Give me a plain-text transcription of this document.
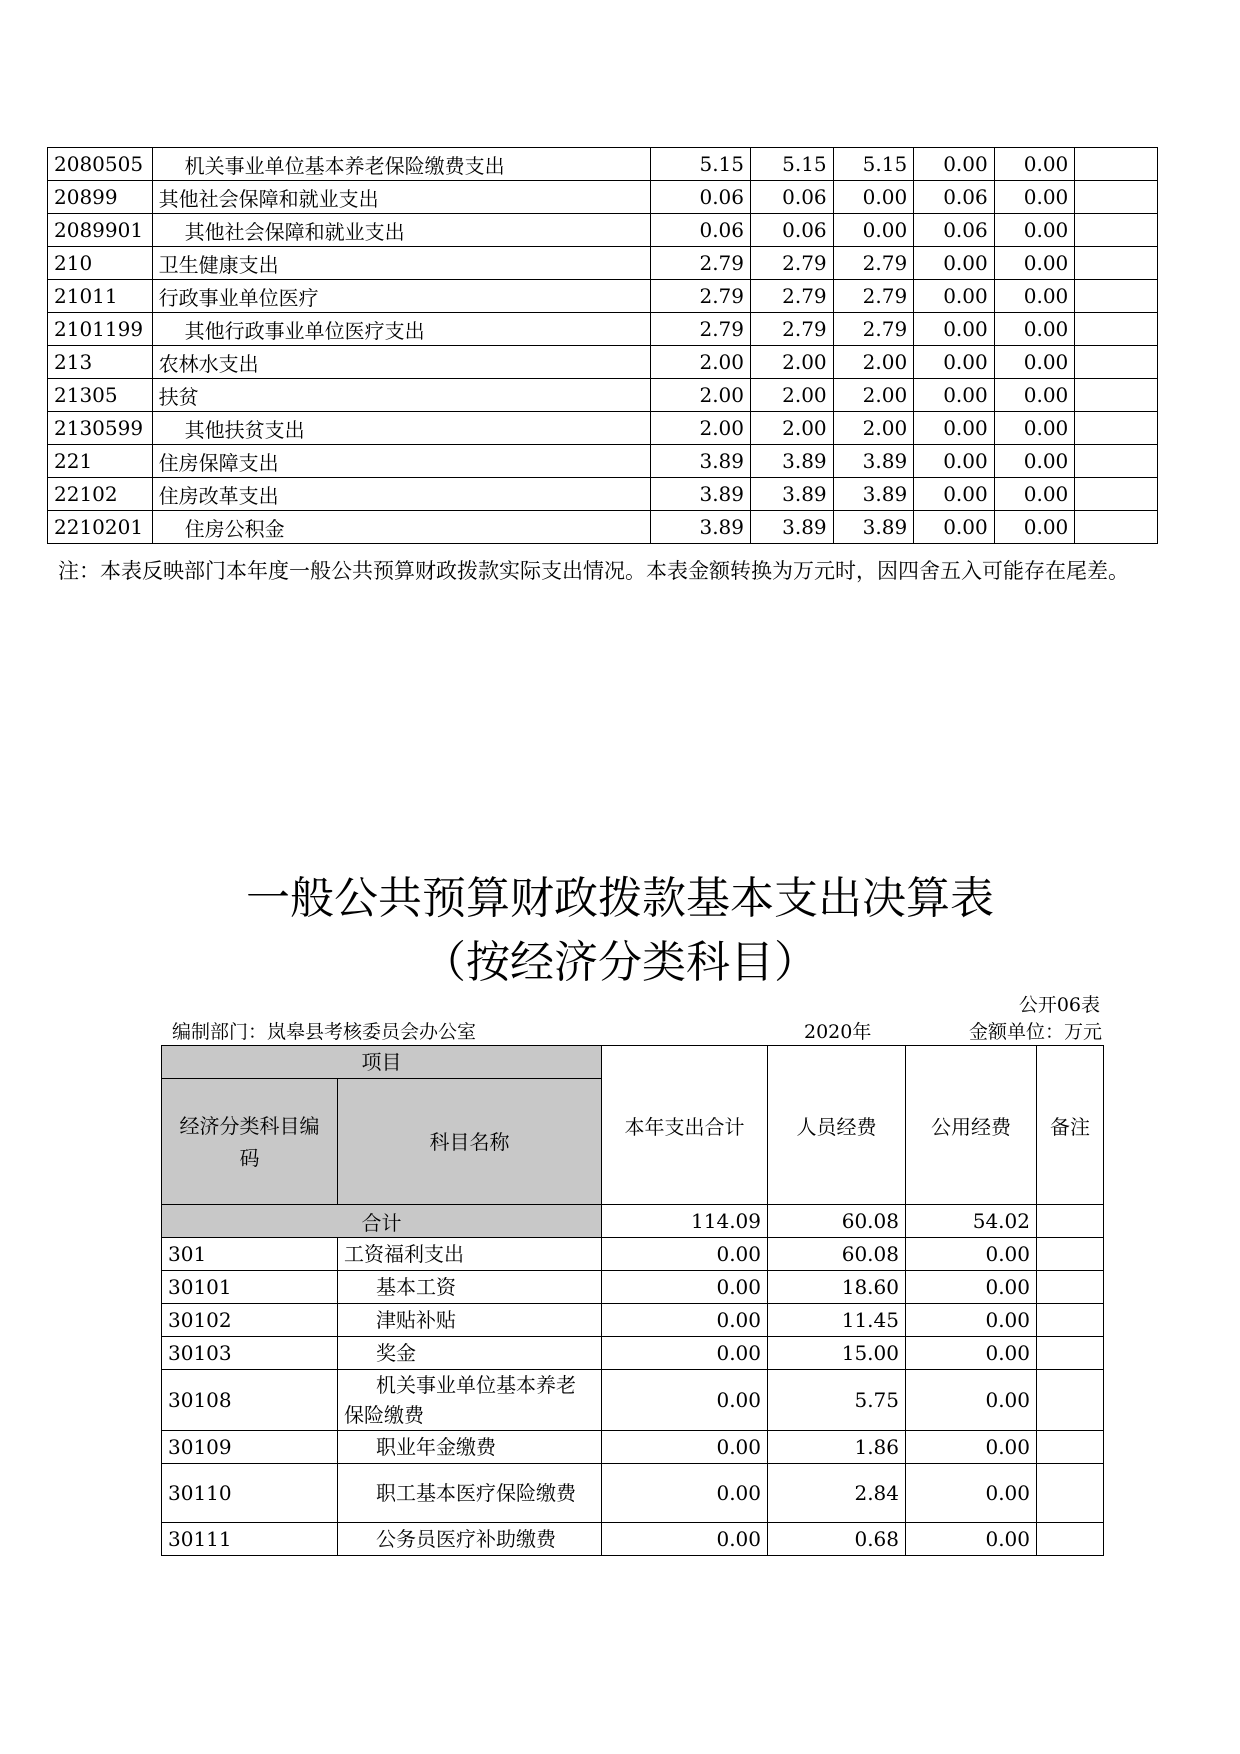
2080505	机关事业单位基本养老保险缴费支出	5.15	5.15	5.15	0.00	0.00	
20899	其他社会保障和就业支出	0.06	0.06	0.00	0.06	0.00	
2089901	其他社会保障和就业支出	0.06	0.06	0.00	0.06	0.00	
210	卫生健康支出	2.79	2.79	2.79	0.00	0.00	
21011	行政事业单位医疗	2.79	2.79	2.79	0.00	0.00	
2101199	其他行政事业单位医疗支出	2.79	2.79	2.79	0.00	0.00	
213	农林水支出	2.00	2.00	2.00	0.00	0.00	
21305	扶贫	2.00	2.00	2.00	0.00	0.00	
2130599	其他扶贫支出	2.00	2.00	2.00	0.00	0.00	
221	住房保障支出	3.89	3.89	3.89	0.00	0.00	
22102	住房改革支出	3.89	3.89	3.89	0.00	0.00	
2210201	住房公积金	3.89	3.89	3.89	0.00	0.00	
注：本表反映部门本年度一般公共预算财政拨款实际支出情况。本表金额转换为万元时，因四舍五入可能存在尾差。
一般公共预算财政拨款基本支出决算表
（按经济分类科目）
公开06表
编制部门：岚皋县考核委员会办公室	2020年	金额单位：万元
项目		本年支出合计	人员经费	公用经费	备注
经济分类科目编码	科目名称				
合计		114.09	60.08	54.02	
301	工资福利支出	0.00	60.08	0.00	
30101	基本工资	0.00	18.60	0.00	
30102	津贴补贴	0.00	11.45	0.00	
30103	奖金	0.00	15.00	0.00	
30108	机关事业单位基本养老保险缴费	0.00	5.75	0.00	
30109	职业年金缴费	0.00	1.86	0.00	
30110	职工基本医疗保险缴费	0.00	2.84	0.00	
30111	公务员医疗补助缴费	0.00	0.68	0.00	
